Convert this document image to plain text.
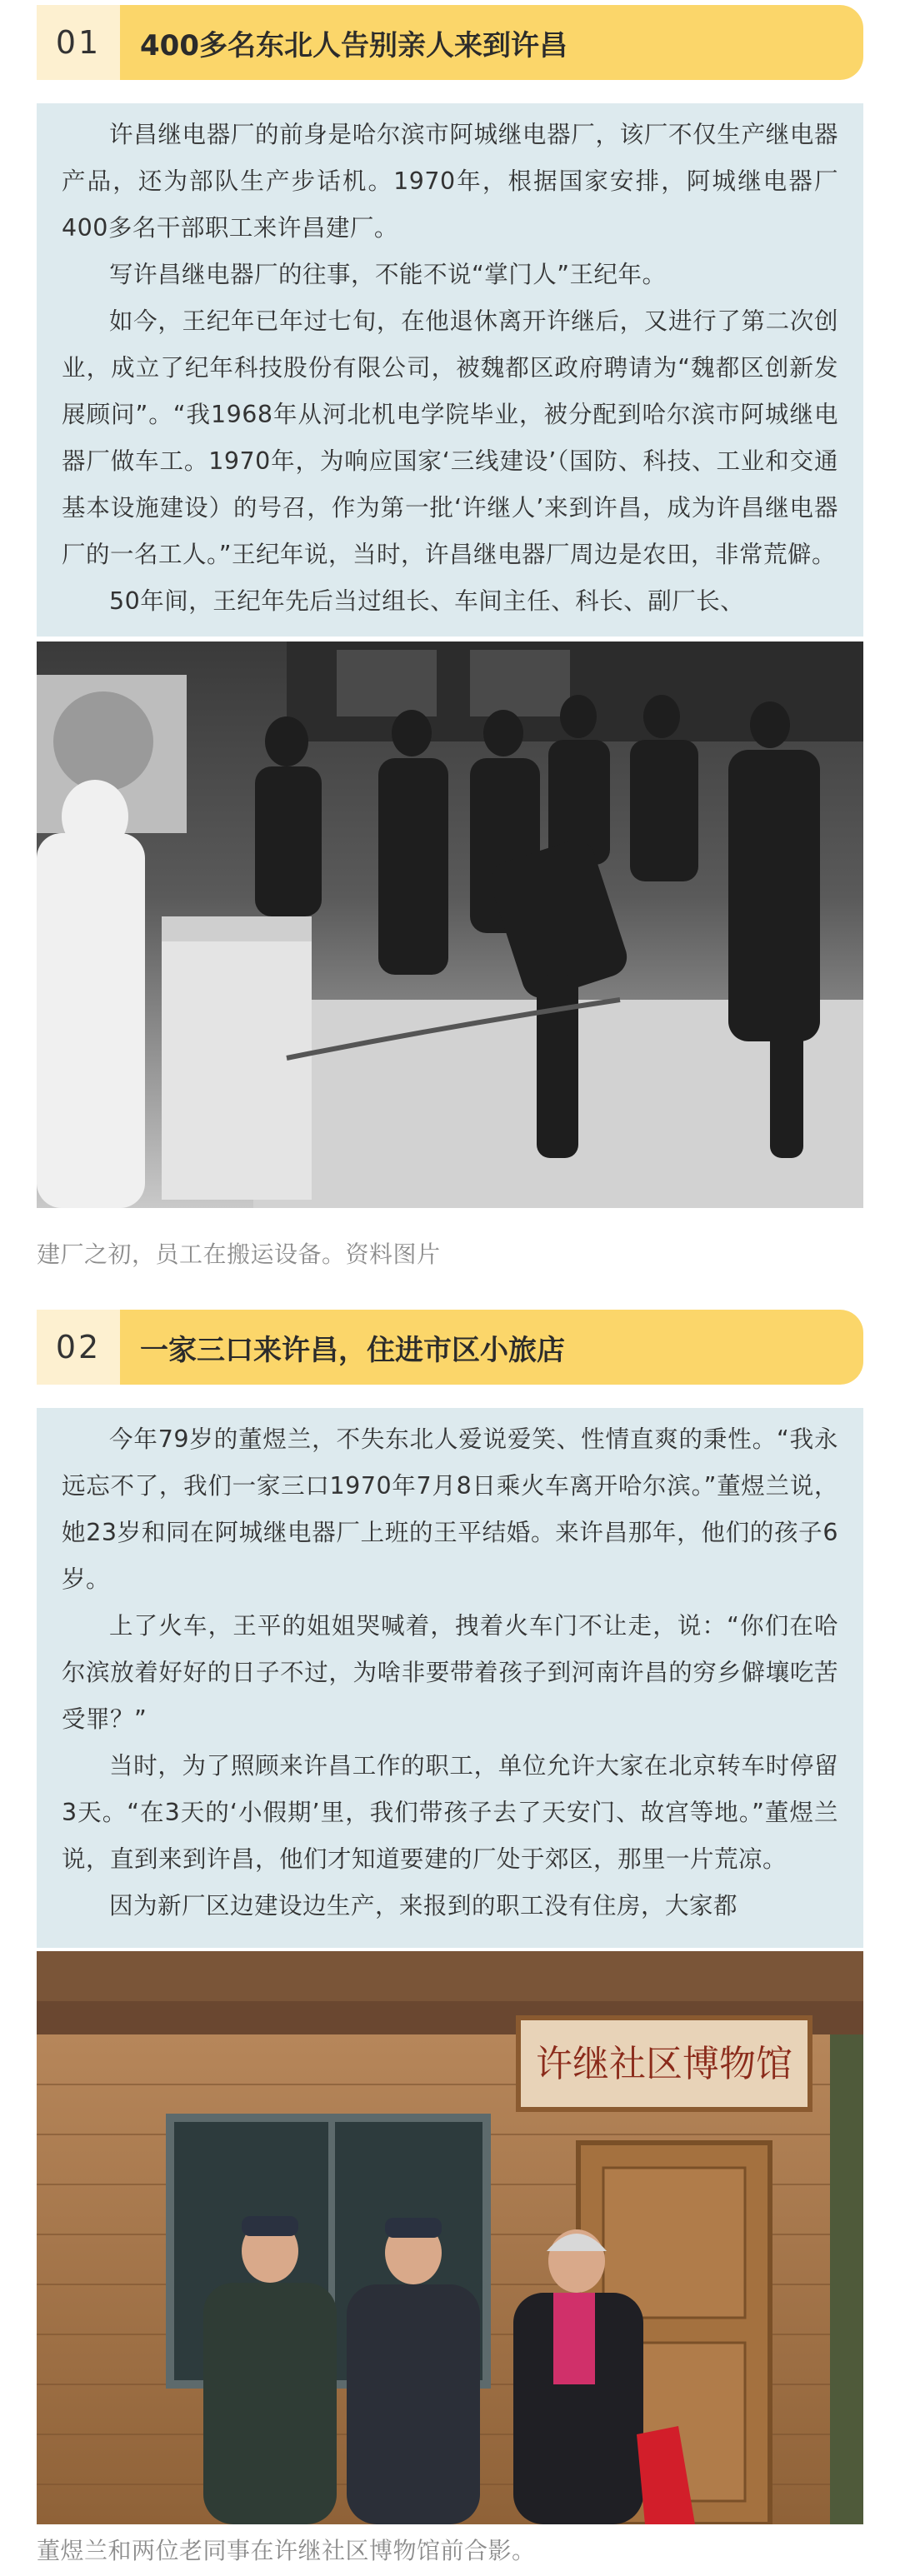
01	400多名东北人告别亲人来到许昌

许昌继电器厂的前身是哈尔滨市阿城继电器厂，该厂不仅生产继电器产品，还为部队生产步话机。1970年，根据国家安排，阿城继电器厂400多名干部职工来许昌建厂。

写许昌继电器厂的往事，不能不说“掌门人”王纪年。

如今，王纪年已年过七旬，在他退休离开许继后，又进行了第二次创业，成立了纪年科技股份有限公司，被魏都区政府聘请为“魏都区创新发展顾问”。“我1968年从河北机电学院毕业，被分配到哈尔滨市阿城继电器厂做车工。1970年，为响应国家‘三线建设’（国防、科技、工业和交通基本设施建设）的号召，作为第一批‘许继人’来到许昌，成为许昌继电器厂的一名工人。”王纪年说，当时，许昌继电器厂周边是农田，非常荒僻。

50年间，王纪年先后当过组长、车间主任、科长、副厂长、

建厂之初，员工在搬运设备。资料图片
02	一家三口来许昌，住进市区小旅店

今年79岁的董煜兰，不失东北人爱说爱笑、性情直爽的秉性。“我永远忘不了，我们一家三口1970年7月8日乘火车离开哈尔滨。”董煜兰说，她23岁和同在阿城继电器厂上班的王平结婚。来许昌那年，他们的孩子6岁。

上了火车，王平的姐姐哭喊着，拽着火车门不让走，说：“你们在哈尔滨放着好好的日子不过，为啥非要带着孩子到河南许昌的穷乡僻壤吃苦受罪？”

当时，为了照顾来许昌工作的职工，单位允许大家在北京转车时停留3天。“在3天的‘小假期’里，我们带孩子去了天安门、故宫等地。”董煜兰说，直到来到许昌，他们才知道要建的厂处于郊区，那里一片荒凉。

因为新厂区边建设边生产，来报到的职工没有住房，大家都

许继社区博物馆
董煜兰和两位老同事在许继社区博物馆前合影。
